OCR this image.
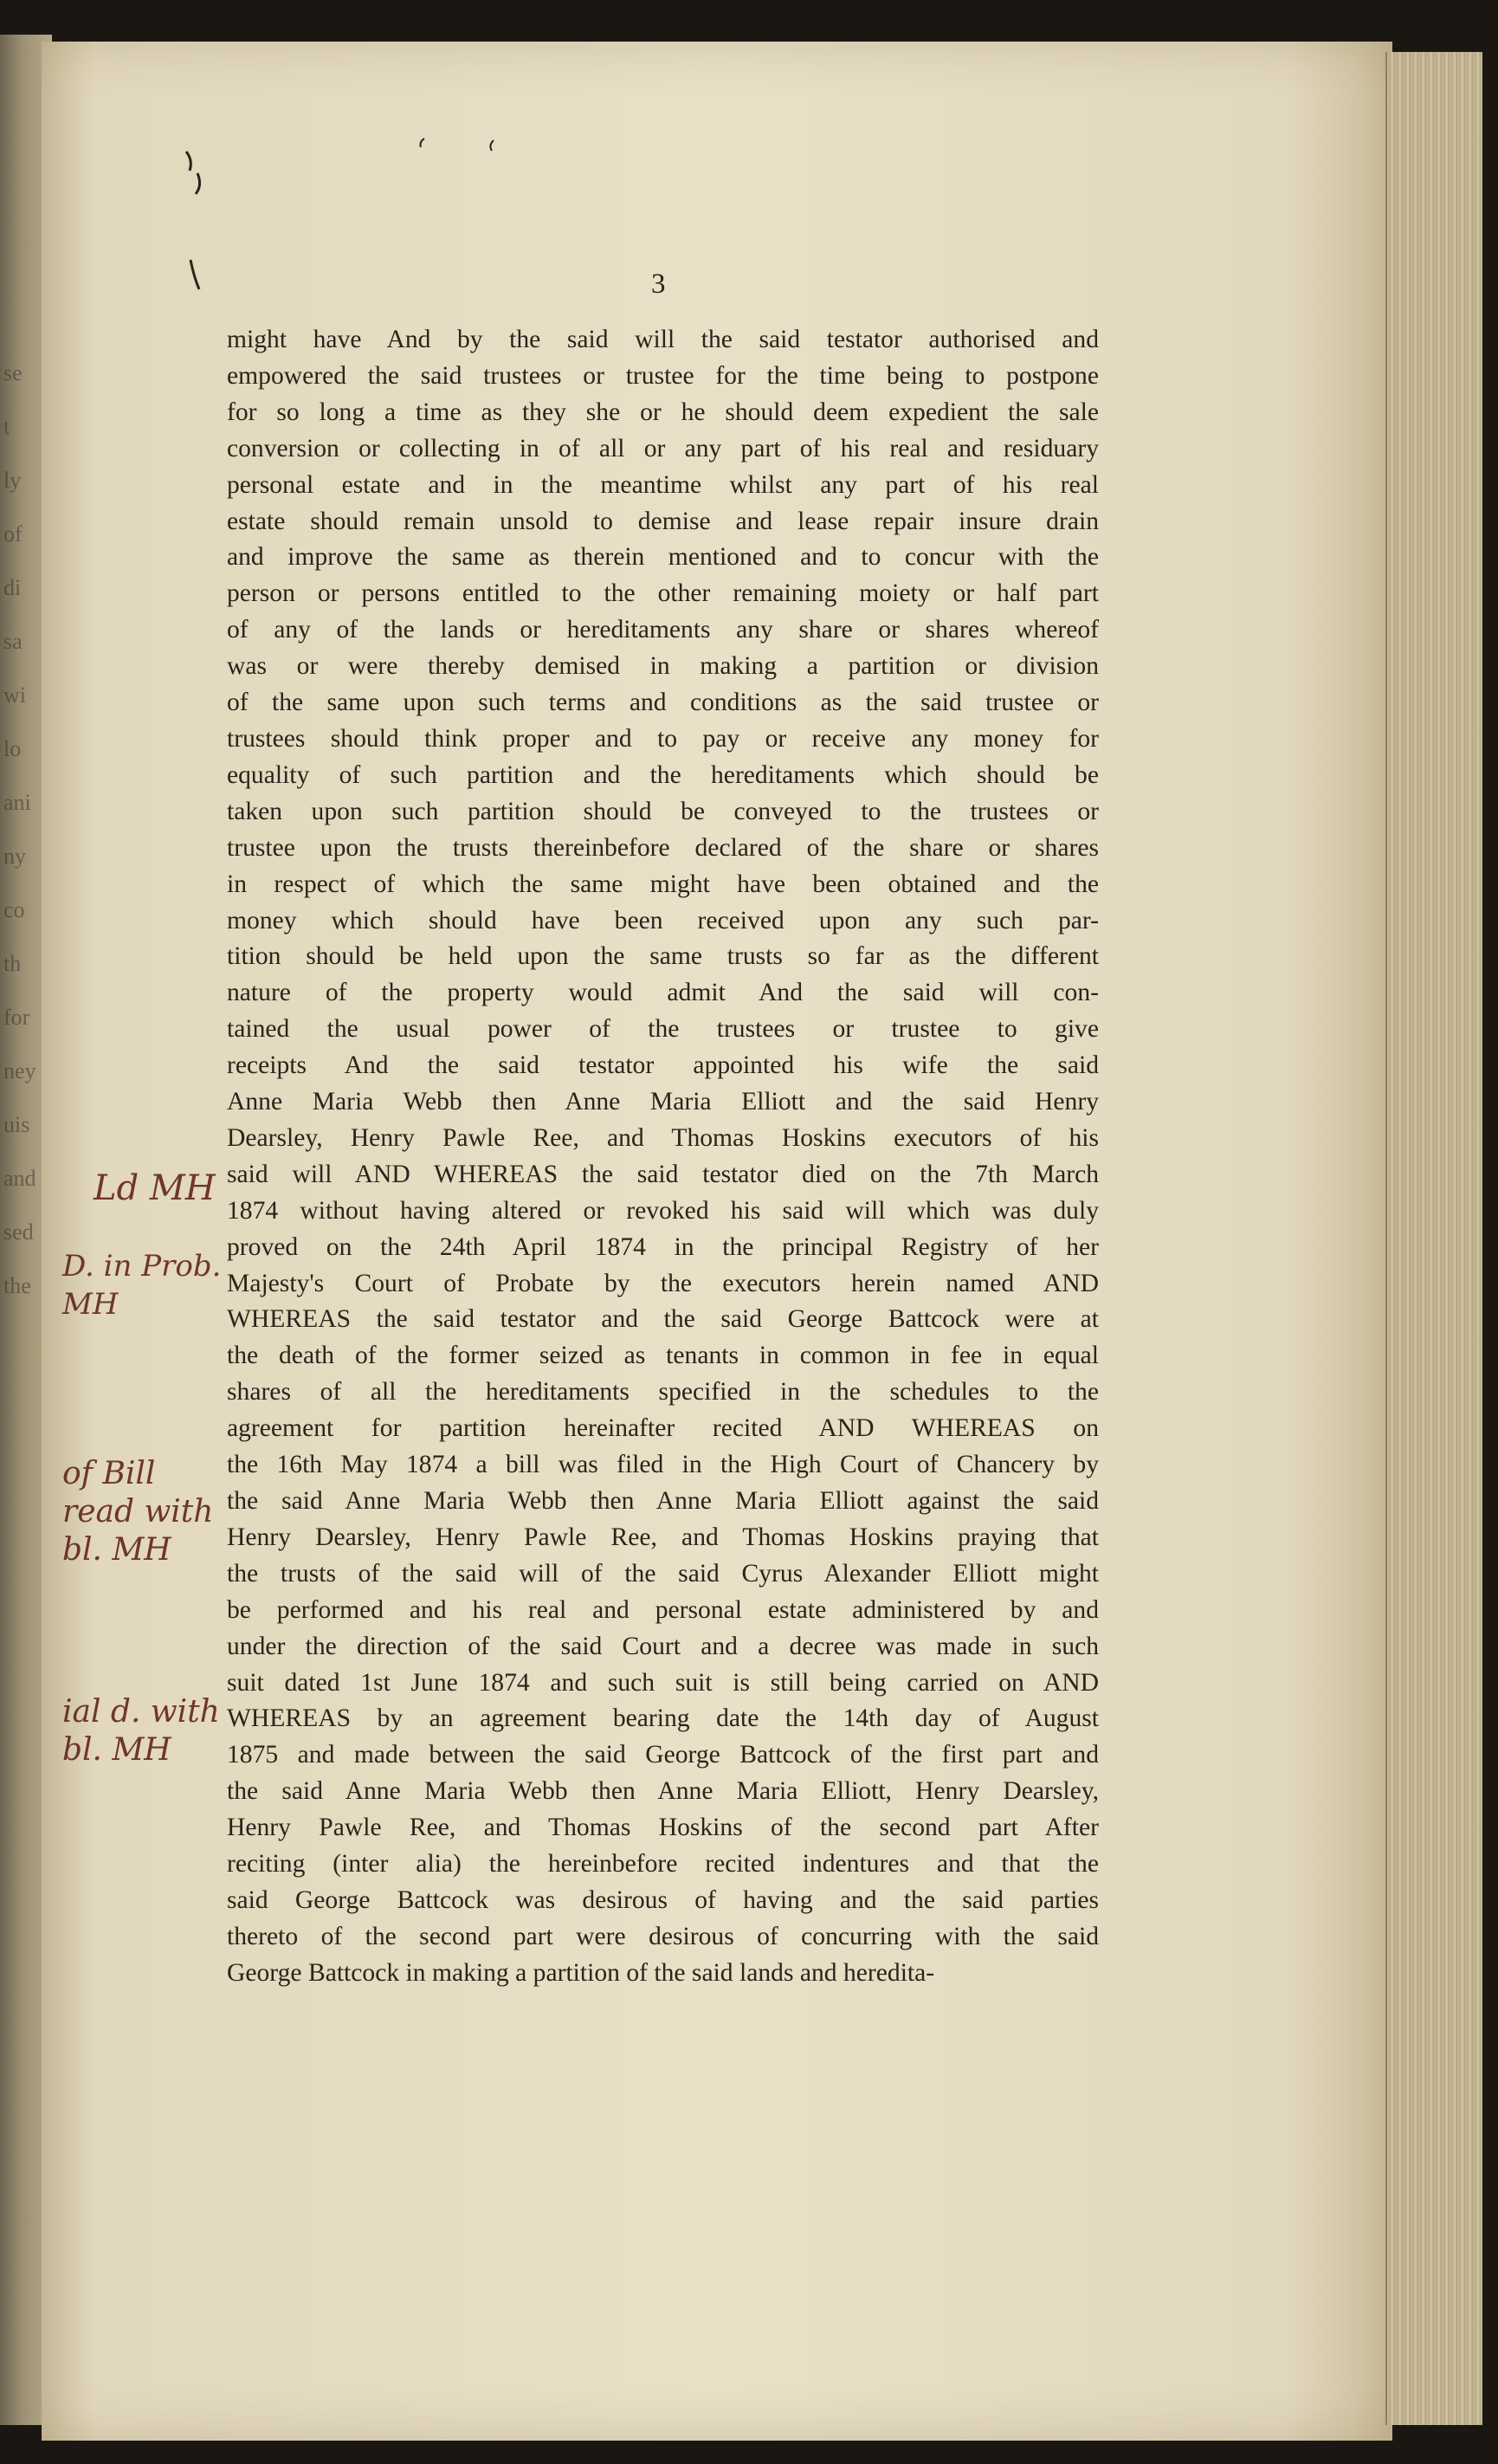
se
t
ly
of
di
sa
wi
lo
ani
ny
co
th
for
ney
uis
and
sed
the
3
might have And by the said will the said testator authorised and
empowered the said trustees or trustee for the time being to postpone
for so long a time as they she or he should deem expedient the sale
conversion or collecting in of all or any part of his real and residuary
personal estate and in the meantime whilst any part of his real
estate should remain unsold to demise and lease repair insure drain
and improve the same as therein mentioned and to concur with the
person or persons entitled to the other remaining moiety or half part
of any of the lands or hereditaments any share or shares whereof
was or were thereby demised in making a partition or division
of the same upon such terms and conditions as the said trustee or
trustees should think proper and to pay or receive any money for
equality of such partition and the hereditaments which should be
taken upon such partition should be conveyed to the trustees or
trustee upon the trusts thereinbefore declared of the share or shares
in respect of which the same might have been obtained and the
money which should have been received upon any such par-
tition should be held upon the same trusts so far as the different
nature of the property would admit And the said will con-
tained the usual power of the trustees or trustee to give
receipts And the said testator appointed his wife the said
Anne Maria Webb then Anne Maria Elliott and the said Henry
Dearsley, Henry Pawle Ree, and Thomas Hoskins executors of his
said will AND WHEREAS the said testator died on the 7th March
1874 without having altered or revoked his said will which was duly
proved on the 24th April 1874 in the principal Registry of her
Majesty's Court of Probate by the executors herein named AND
WHEREAS the said testator and the said George Battcock were at
the death of the former seized as tenants in common in fee in equal
shares of all the hereditaments specified in the schedules to the
agreement for partition hereinafter recited AND WHEREAS on
the 16th May 1874 a bill was filed in the High Court of Chancery by
the said Anne Maria Webb then Anne Maria Elliott against the said
Henry Dearsley, Henry Pawle Ree, and Thomas Hoskins praying that
the trusts of the said will of the said Cyrus Alexander Elliott might
be performed and his real and personal estate administered by and
under the direction of the said Court and a decree was made in such
suit dated 1st June 1874 and such suit is still being carried on AND
WHEREAS by an agreement bearing date the 14th day of August
1875 and made between the said George Battcock of the first part and
the said Anne Maria Webb then Anne Maria Elliott, Henry Dearsley,
Henry Pawle Ree, and Thomas Hoskins of the second part After
reciting (inter alia) the hereinbefore recited indentures and that the
said George Battcock was desirous of having and the said parties
thereto of the second part were desirous of concurring with the said
George Battcock in making a partition of the said lands and heredita-
Ld MH
D. in Prob.
MH
of Bill
read with
bl. MH
ial d. with
bl. MH
